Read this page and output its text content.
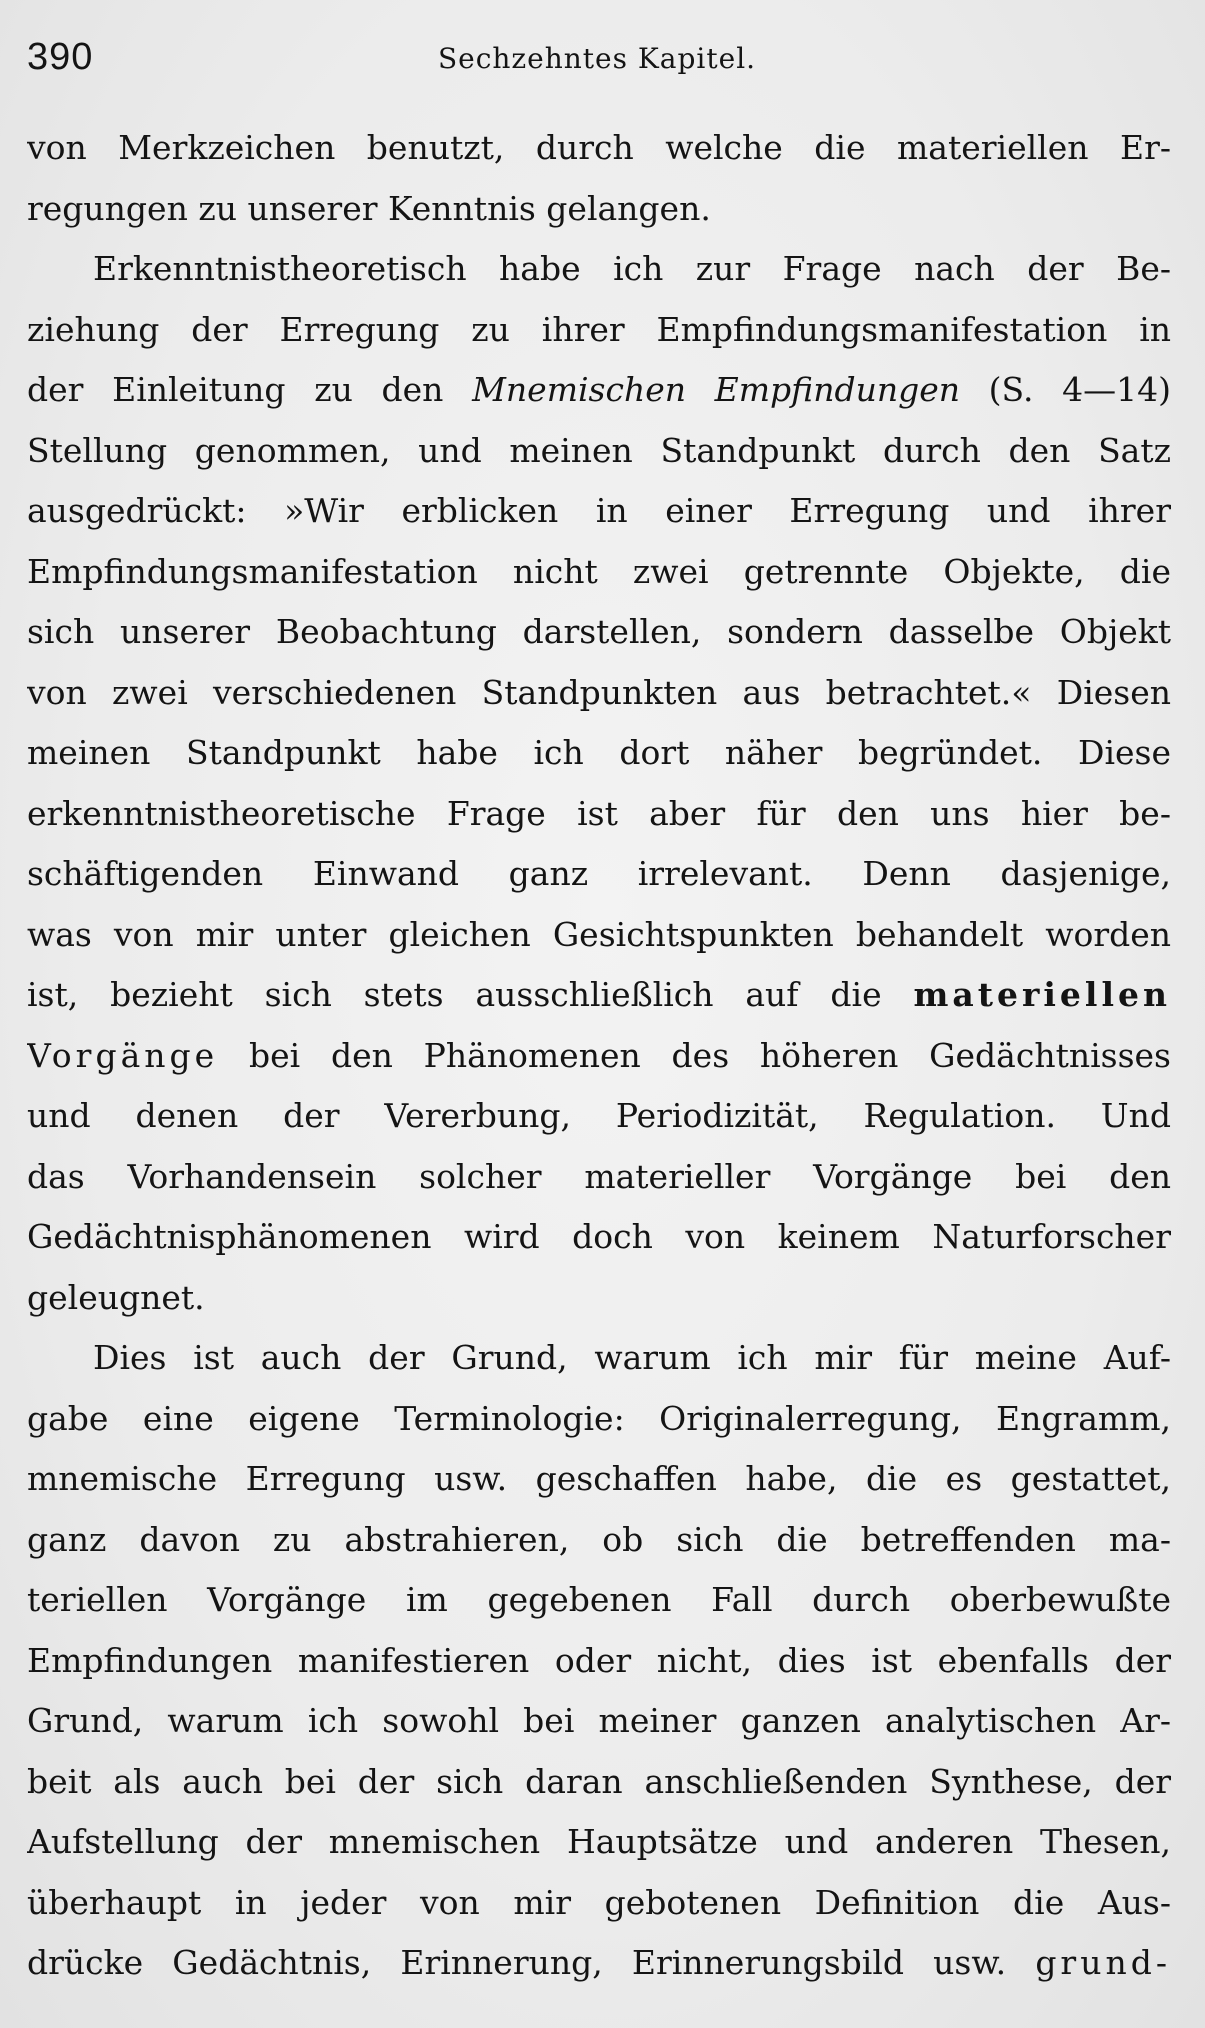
390	Sechzehntes Kapitel.
von Merkzeichen benutzt, durch welche die materiellen Er-
regungen zu unserer Kenntnis gelangen.
Erkenntnistheoretisch habe ich zur Frage nach der Be-
ziehung der Erregung zu ihrer Empfindungsmanifestation in
der Einleitung zu den Mnemischen Empfindungen (S. 4—14)
Stellung genommen, und meinen Standpunkt durch den Satz
ausgedrückt: »Wir erblicken in einer Erregung und ihrer
Empfindungsmanifestation nicht zwei getrennte Objekte, die
sich unserer Beobachtung darstellen, sondern dasselbe Objekt
von zwei verschiedenen Standpunkten aus betrachtet.« Diesen
meinen Standpunkt habe ich dort näher begründet. Diese
erkenntnistheoretische Frage ist aber für den uns hier be-
schäftigenden Einwand ganz irrelevant. Denn dasjenige,
was von mir unter gleichen Gesichtspunkten behandelt worden
ist, bezieht sich stets ausschließlich auf die materiellen
Vorgänge bei den Phänomenen des höheren Gedächtnisses
und denen der Vererbung, Periodizität, Regulation. Und
das Vorhandensein solcher materieller Vorgänge bei den
Gedächtnisphänomenen wird doch von keinem Naturforscher
geleugnet.
Dies ist auch der Grund, warum ich mir für meine Auf-
gabe eine eigene Terminologie: Originalerregung, Engramm,
mnemische Erregung usw. geschaffen habe, die es gestattet,
ganz davon zu abstrahieren, ob sich die betreffenden ma-
teriellen Vorgänge im gegebenen Fall durch oberbewußte
Empfindungen manifestieren oder nicht, dies ist ebenfalls der
Grund, warum ich sowohl bei meiner ganzen analytischen Ar-
beit als auch bei der sich daran anschließenden Synthese, der
Aufstellung der mnemischen Hauptsätze und anderen Thesen,
überhaupt in jeder von mir gebotenen Definition die Aus-
drücke Gedächtnis, Erinnerung, Erinnerungsbild usw. grund-
